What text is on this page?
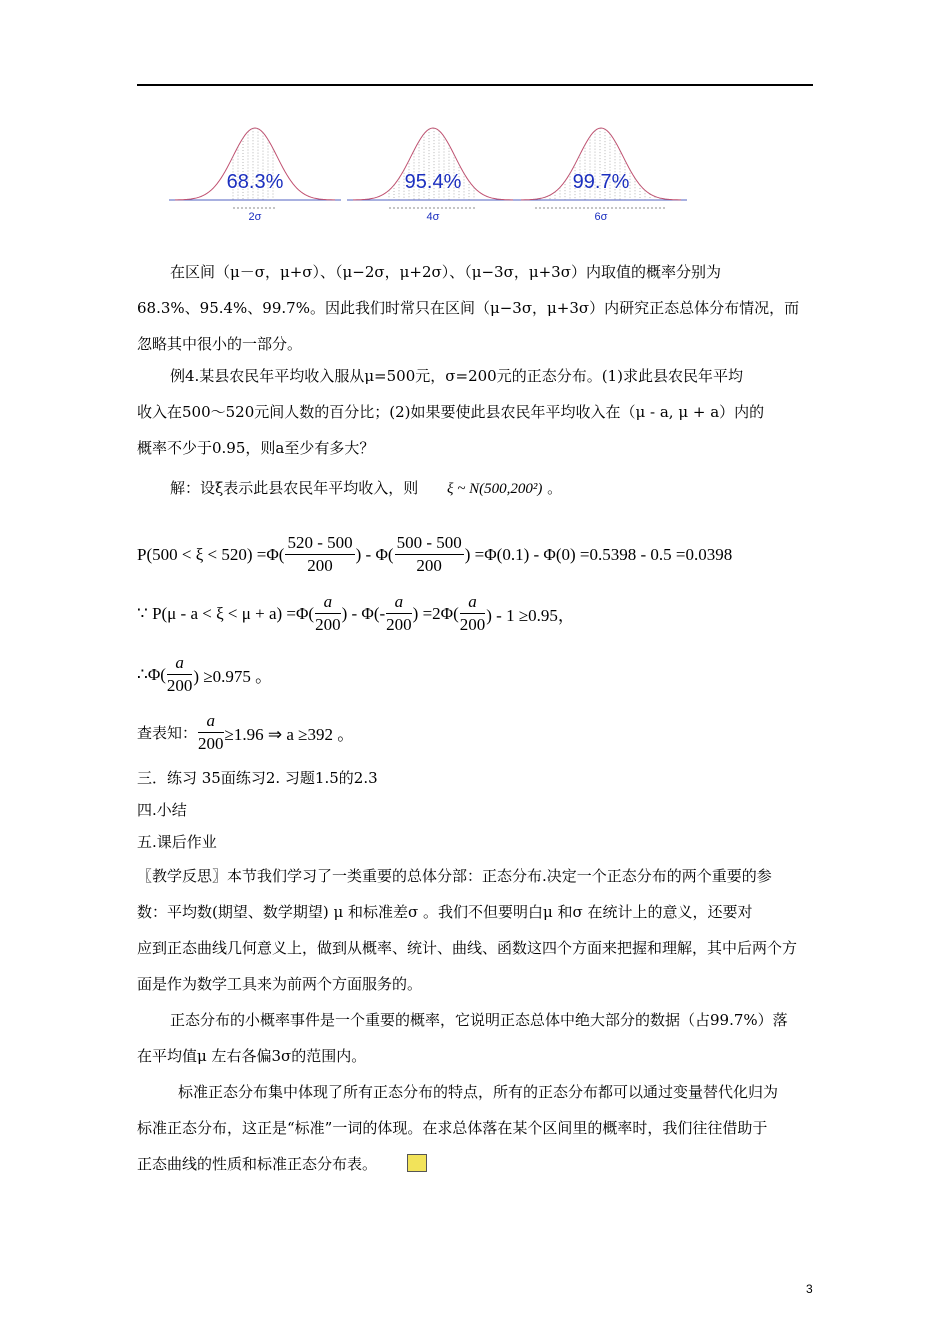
68.3%
2σ
95.4%
4σ
99.7%
6σ
在区间（μ－σ，μ+σ）、（μ−2σ，μ+2σ）、（μ−3σ，μ+3σ）内取值的概率分别为
68.3%、95.4%、99.7%。因此我们时常只在区间（μ−3σ，μ+3σ）内研究正态总体分布情况，而
忽略其中很小的一部分。
例4.某县农民年平均收入服从μ=500元，σ=200元的正态分布。(1)求此县农民年平均
收入在500～520元间人数的百分比；(2)如果要使此县农民年平均收入在（μ - a, μ + a）内的
概率不少于0.95，则a至少有多大？
解：设ξ表示此县农民年平均收入，则 ξ ~ N(500,200²) 。
$P(500 < \xi < 520) =\Phi( \frac{520 - 500}{200}$ ) - $\Phi( \frac{500 - 500}{200}$ ) =Φ(0.1) - Φ(0) =0.5398 - 0.5 =0.0398
∵ $P(\mu - a < \xi < \mu + a) =\Phi( \frac{a}{200}$ ) - $\Phi(- \frac{a}{200}$ ) $=2\Phi( \frac{a}{200}$ ) - 1 ≥0.95，
∴Φ( $\frac{a}{200}$ ) ≥0.975 。
查表知： $\frac{a}{200} \ge 1.96$ ⇒ a ≥392 。
三．练习 35面练习2. 习题1.5的2.3
四.小结
五.课后作业
〖教学反思〗本节我们学习了一类重要的总体分部：正态分布.决定一个正态分布的两个重要的参
数：平均数(期望、数学期望) μ 和标准差σ 。我们不但要明白μ 和σ 在统计上的意义，还要对
应到正态曲线几何意义上，做到从概率、统计、曲线、函数这四个方面来把握和理解，其中后两个方
面是作为数学工具来为前两个方面服务的。
正态分布的小概率事件是一个重要的概率，它说明正态总体中绝大部分的数据（占99.7%）落
在平均值μ 左右各偏3σ的范围内。
标准正态分布集中体现了所有正态分布的特点，所有的正态分布都可以通过变量替代化归为
标准正态分布，这正是“标准”一词的体现。在求总体落在某个区间里的概率时，我们往往借助于
正态曲线的性质和标准正态分布表。
3
